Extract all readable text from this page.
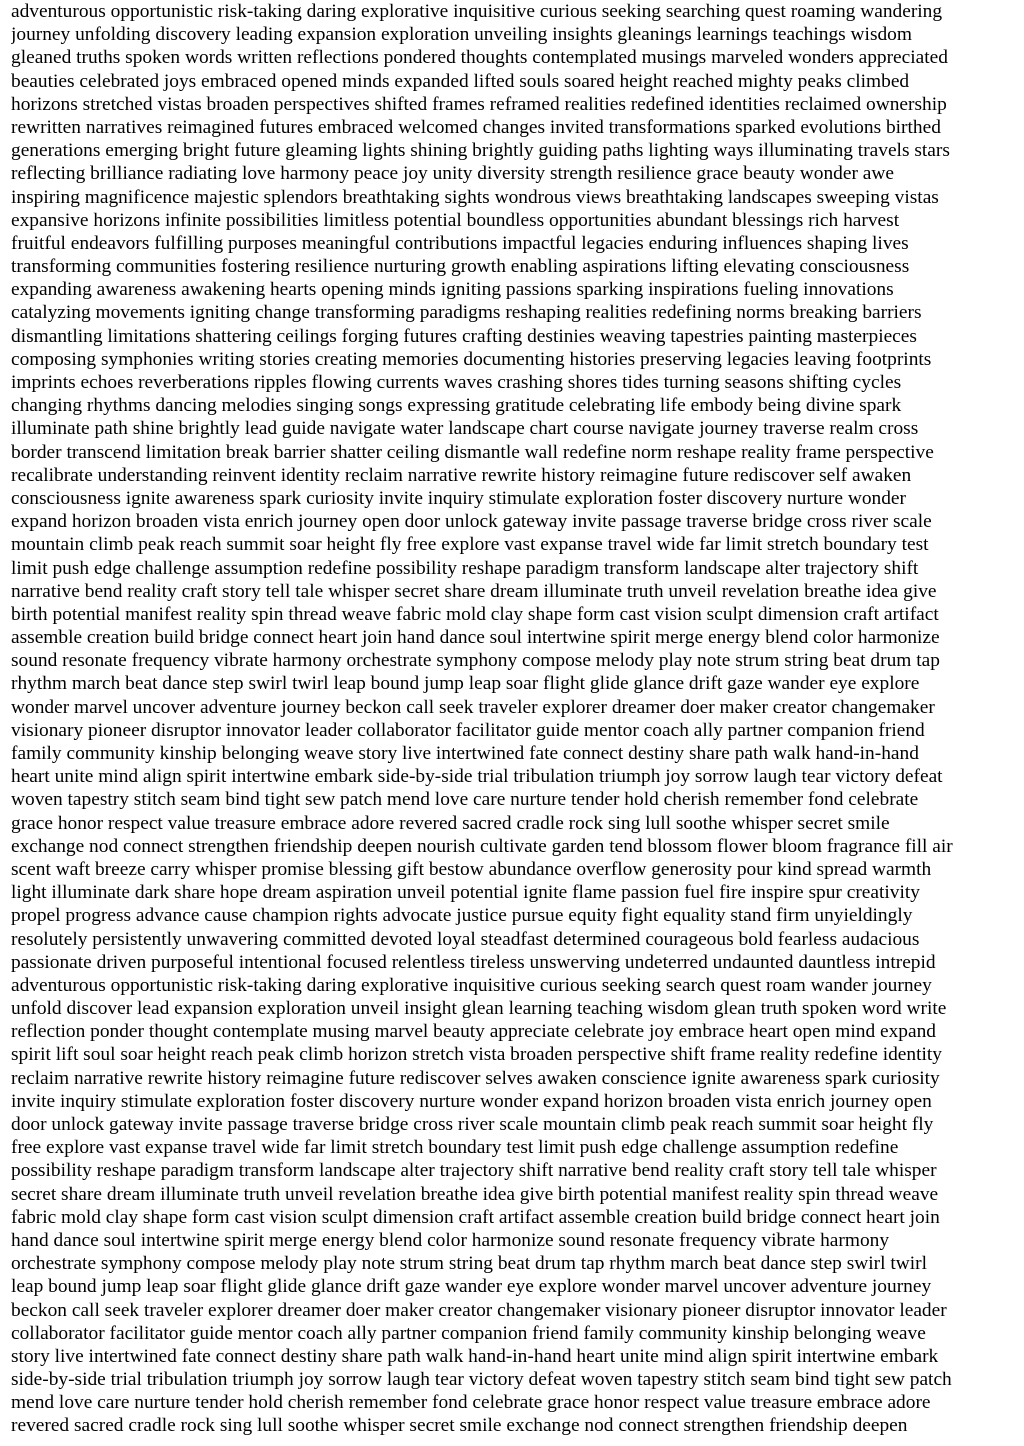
adventurous opportunistic risk-taking daring explorative inquisitive curious seeking searching quest roaming wandering
journey unfolding discovery leading expansion exploration unveiling insights gleanings learnings teachings wisdom
gleaned truths spoken words written reflections pondered thoughts contemplated musings marveled wonders appreciated
beauties celebrated joys embraced opened minds expanded lifted souls soared height reached mighty peaks climbed
horizons stretched vistas broaden perspectives shifted frames reframed realities redefined identities reclaimed ownership
rewritten narratives reimagined futures embraced welcomed changes invited transformations sparked evolutions birthed
generations emerging bright future gleaming lights shining brightly guiding paths lighting ways illuminating travels stars
reflecting brilliance radiating love harmony peace joy unity diversity strength resilience grace beauty wonder awe
inspiring magnificence majestic splendors breathtaking sights wondrous views breathtaking landscapes sweeping vistas
expansive horizons infinite possibilities limitless potential boundless opportunities abundant blessings rich harvest
fruitful endeavors fulfilling purposes meaningful contributions impactful legacies enduring influences shaping lives
transforming communities fostering resilience nurturing growth enabling aspirations lifting elevating consciousness
expanding awareness awakening hearts opening minds igniting passions sparking inspirations fueling innovations
catalyzing movements igniting change transforming paradigms reshaping realities redefining norms breaking barriers
dismantling limitations shattering ceilings forging futures crafting destinies weaving tapestries painting masterpieces
composing symphonies writing stories creating memories documenting histories preserving legacies leaving footprints
imprints echoes reverberations ripples flowing currents waves crashing shores tides turning seasons shifting cycles
changing rhythms dancing melodies singing songs expressing gratitude celebrating life embody being divine spark
illuminate path shine brightly lead guide navigate water landscape chart course navigate journey traverse realm cross
border transcend limitation break barrier shatter ceiling dismantle wall redefine norm reshape reality frame perspective
recalibrate understanding reinvent identity reclaim narrative rewrite history reimagine future rediscover self awaken
consciousness ignite awareness spark curiosity invite inquiry stimulate exploration foster discovery nurture wonder
expand horizon broaden vista enrich journey open door unlock gateway invite passage traverse bridge cross river scale
mountain climb peak reach summit soar height fly free explore vast expanse travel wide far limit stretch boundary test
limit push edge challenge assumption redefine possibility reshape paradigm transform landscape alter trajectory shift
narrative bend reality craft story tell tale whisper secret share dream illuminate truth unveil revelation breathe idea give
birth potential manifest reality spin thread weave fabric mold clay shape form cast vision sculpt dimension craft artifact
assemble creation build bridge connect heart join hand dance soul intertwine spirit merge energy blend color harmonize
sound resonate frequency vibrate harmony orchestrate symphony compose melody play note strum string beat drum tap
rhythm march beat dance step swirl twirl leap bound jump leap soar flight glide glance drift gaze wander eye explore
wonder marvel uncover adventure journey beckon call seek traveler explorer dreamer doer maker creator changemaker
visionary pioneer disruptor innovator leader collaborator facilitator guide mentor coach ally partner companion friend
family community kinship belonging weave story live intertwined fate connect destiny share path walk hand-in-hand
heart unite mind align spirit intertwine embark side-by-side trial tribulation triumph joy sorrow laugh tear victory defeat
woven tapestry stitch seam bind tight sew patch mend love care nurture tender hold cherish remember fond celebrate
grace honor respect value treasure embrace adore revered sacred cradle rock sing lull soothe whisper secret smile
exchange nod connect strengthen friendship deepen nourish cultivate garden tend blossom flower bloom fragrance fill air
scent waft breeze carry whisper promise blessing gift bestow abundance overflow generosity pour kind spread warmth
light illuminate dark share hope dream aspiration unveil potential ignite flame passion fuel fire inspire spur creativity
propel progress advance cause champion rights advocate justice pursue equity fight equality stand firm unyieldingly
resolutely persistently unwavering committed devoted loyal steadfast determined courageous bold fearless audacious
passionate driven purposeful intentional focused relentless tireless unswerving undeterred undaunted dauntless intrepid
adventurous opportunistic risk-taking daring explorative inquisitive curious seeking search quest roam wander journey
unfold discover lead expansion exploration unveil insight glean learning teaching wisdom glean truth spoken word write
reflection ponder thought contemplate musing marvel beauty appreciate celebrate joy embrace heart open mind expand
spirit lift soul soar height reach peak climb horizon stretch vista broaden perspective shift frame reality redefine identity
reclaim narrative rewrite history reimagine future rediscover selves awaken conscience ignite awareness spark curiosity
invite inquiry stimulate exploration foster discovery nurture wonder expand horizon broaden vista enrich journey open
door unlock gateway invite passage traverse bridge cross river scale mountain climb peak reach summit soar height fly
free explore vast expanse travel wide far limit stretch boundary test limit push edge challenge assumption redefine
possibility reshape paradigm transform landscape alter trajectory shift narrative bend reality craft story tell tale whisper
secret share dream illuminate truth unveil revelation breathe idea give birth potential manifest reality spin thread weave
fabric mold clay shape form cast vision sculpt dimension craft artifact assemble creation build bridge connect heart join
hand dance soul intertwine spirit merge energy blend color harmonize sound resonate frequency vibrate harmony
orchestrate symphony compose melody play note strum string beat drum tap rhythm march beat dance step swirl twirl
leap bound jump leap soar flight glide glance drift gaze wander eye explore wonder marvel uncover adventure journey
beckon call seek traveler explorer dreamer doer maker creator changemaker visionary pioneer disruptor innovator leader
collaborator facilitator guide mentor coach ally partner companion friend family community kinship belonging weave
story live intertwined fate connect destiny share path walk hand-in-hand heart unite mind align spirit intertwine embark
side-by-side trial tribulation triumph joy sorrow laugh tear victory defeat woven tapestry stitch seam bind tight sew patch
mend love care nurture tender hold cherish remember fond celebrate grace honor respect value treasure embrace adore
revered sacred cradle rock sing lull soothe whisper secret smile exchange nod connect strengthen friendship deepen
